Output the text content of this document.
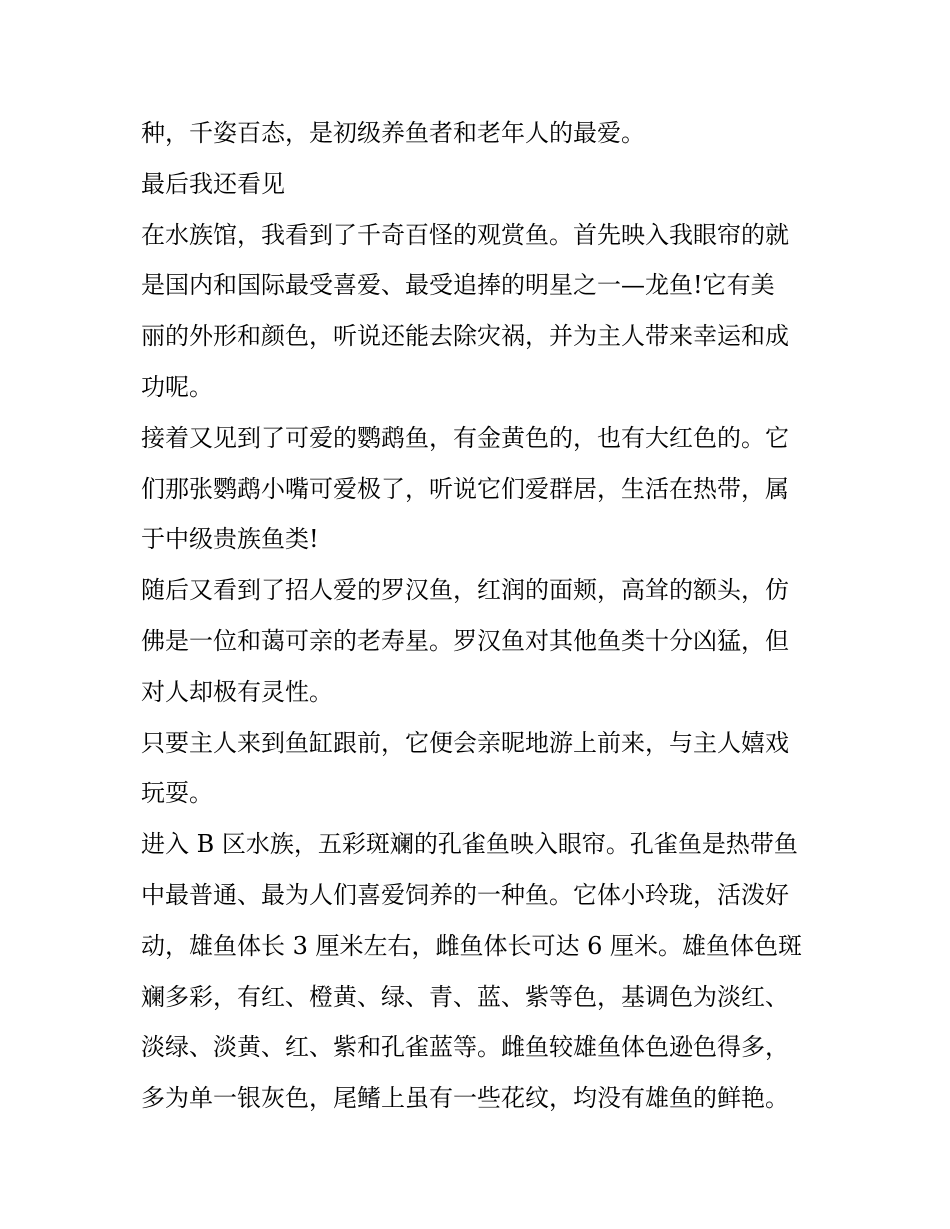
种，千姿百态，是初级养鱼者和老年人的最爱。
最后我还看见
在水族馆，我看到了千奇百怪的观赏鱼。首先映入我眼帘的就
是国内和国际最受喜爱、最受追捧的明星之一—龙鱼!它有美
丽的外形和颜色，听说还能去除灾祸，并为主人带来幸运和成
功呢。
接着又见到了可爱的鹦鹉鱼，有金黄色的，也有大红色的。它
们那张鹦鹉小嘴可爱极了，听说它们爱群居，生活在热带，属
于中级贵族鱼类!
随后又看到了招人爱的罗汉鱼，红润的面颊，高耸的额头，仿
佛是一位和蔼可亲的老寿星。罗汉鱼对其他鱼类十分凶猛，但
对人却极有灵性。
只要主人来到鱼缸跟前，它便会亲昵地游上前来，与主人嬉戏
玩耍。
进入 B 区水族，五彩斑斓的孔雀鱼映入眼帘。孔雀鱼是热带鱼
中最普通、最为人们喜爱饲养的一种鱼。它体小玲珑，活泼好
动，雄鱼体长 3 厘米左右，雌鱼体长可达 6 厘米。雄鱼体色斑
斓多彩，有红、橙黄、绿、青、蓝、紫等色，基调色为淡红、
淡绿、淡黄、红、紫和孔雀蓝等。雌鱼较雄鱼体色逊色得多，
多为单一银灰色，尾鳍上虽有一些花纹，均没有雄鱼的鲜艳。
